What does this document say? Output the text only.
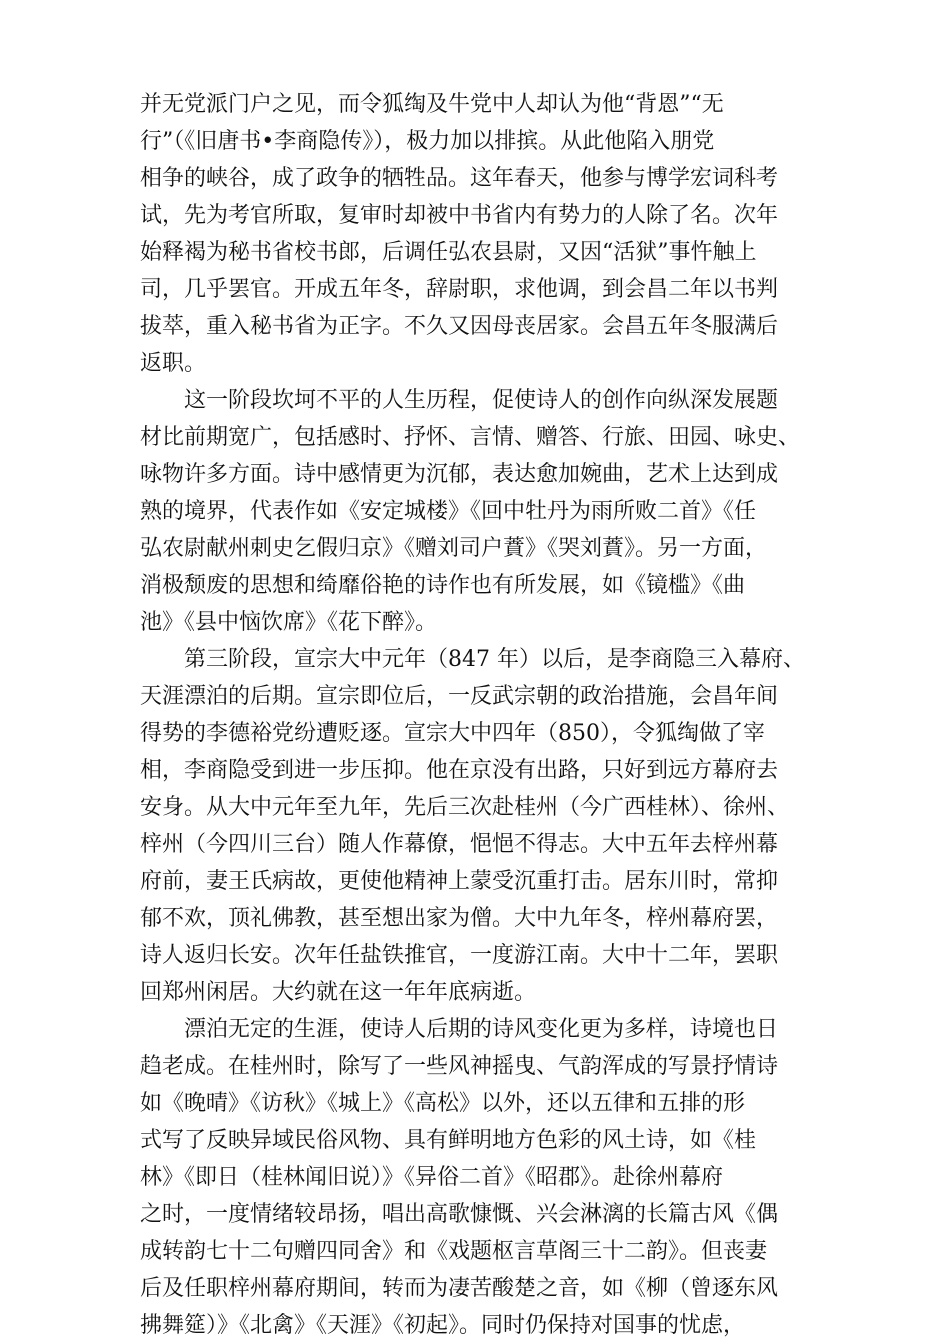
并无党派门户之见，而令狐绹及牛党中人却认为他“背恩”“无
行”（《旧唐书•李商隐传》），极力加以排摈。从此他陷入朋党
相争的峡谷，成了政争的牺牲品。这年春天，他参与博学宏词科考
试，先为考官所取，复审时却被中书省内有势力的人除了名。次年
始释褐为秘书省校书郎，后调任弘农县尉，又因“活狱”事忤触上
司，几乎罢官。开成五年冬，辞尉职，求他调，到会昌二年以书判
拔萃，重入秘书省为正字。不久又因母丧居家。会昌五年冬服满后
返职。
这一阶段坎坷不平的人生历程，促使诗人的创作向纵深发展题
材比前期宽广，包括感时、抒怀、言情、赠答、行旅、田园、咏史、
咏物许多方面。诗中感情更为沉郁，表达愈加婉曲，艺术上达到成
熟的境界，代表作如《安定城楼》《回中牡丹为雨所败二首》《任
弘农尉献州刺史乞假归京》《赠刘司户蕡》《哭刘蕡》。另一方面，
消极颓废的思想和绮靡俗艳的诗作也有所发展，如《镜槛》《曲
池》《县中恼饮席》《花下醉》。
第三阶段，宣宗大中元年（847 年）以后，是李商隐三入幕府、
天涯漂泊的后期。宣宗即位后，一反武宗朝的政治措施，会昌年间
得势的李德裕党纷遭贬逐。宣宗大中四年（850），令狐绹做了宰
相，李商隐受到进一步压抑。他在京没有出路，只好到远方幕府去
安身。从大中元年至九年，先后三次赴桂州（今广西桂林）、徐州、
梓州（今四川三台）随人作幕僚，悒悒不得志。大中五年去梓州幕
府前，妻王氏病故，更使他精神上蒙受沉重打击。居东川时，常抑
郁不欢，顶礼佛教，甚至想出家为僧。大中九年冬，梓州幕府罢，
诗人返归长安。次年任盐铁推官，一度游江南。大中十二年，罢职
回郑州闲居。大约就在这一年年底病逝。
漂泊无定的生涯，使诗人后期的诗风变化更为多样，诗境也日
趋老成。在桂州时，除写了一些风神摇曳、气韵浑成的写景抒情诗
如《晚晴》《访秋》《城上》《高松》以外，还以五律和五排的形
式写了反映异域民俗风物、具有鲜明地方色彩的风土诗，如《桂
林》《即日（桂林闻旧说）》《异俗二首》《昭郡》。赴徐州幕府
之时，一度情绪较昂扬，唱出高歌慷慨、兴会淋漓的长篇古风《偶
成转韵七十二句赠四同舍》和《戏题枢言草阁三十二韵》。但丧妻
后及任职梓州幕府期间，转而为凄苦酸楚之音，如《柳（曾逐东风
拂舞筵）》《北禽》《天涯》《初起》。同时仍保持对国事的忧虑，
